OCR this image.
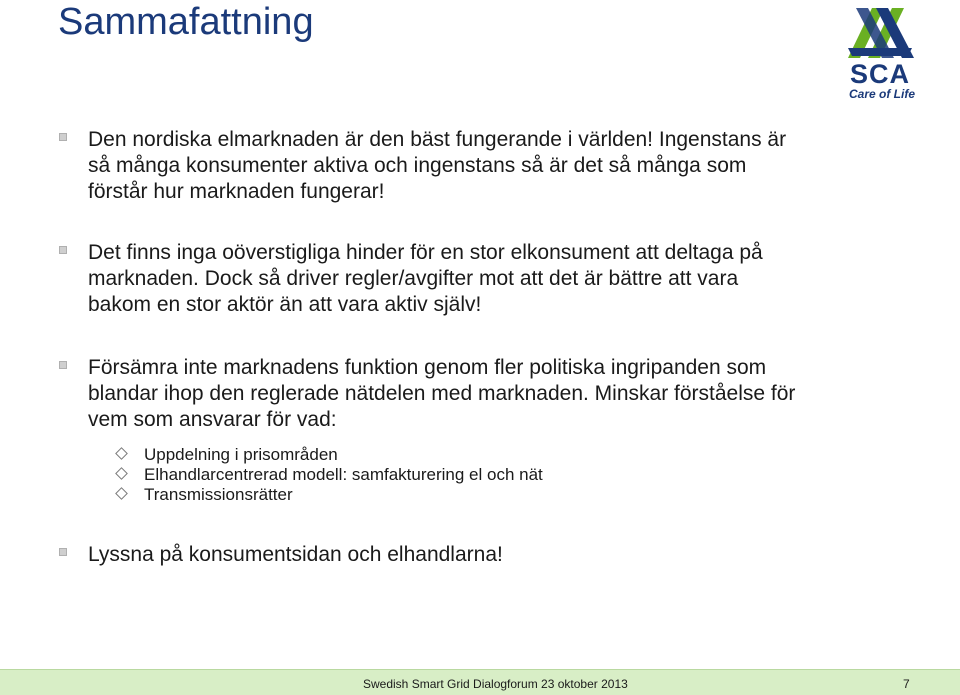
Sammafattning
SCA
Care of Life
Den nordiska elmarknaden är den bäst fungerande i världen! Ingenstans är så många konsumenter aktiva och ingenstans så är det så många som förstår hur marknaden fungerar!
Det finns inga oöverstigliga hinder för en stor elkonsument att deltaga på marknaden. Dock så driver regler/avgifter mot att det är bättre att vara bakom en stor aktör än att vara aktiv själv!
Försämra inte marknadens funktion genom fler politiska ingripanden som blandar ihop den reglerade nätdelen med marknaden. Minskar förståelse för vem som ansvarar för vad:
Uppdelning i prisområden
Elhandlarcentrerad modell: samfakturering el och nät
Transmissionsrätter
Lyssna på konsumentsidan och elhandlarna!
Swedish Smart Grid Dialogforum 23 oktober 2013	7
